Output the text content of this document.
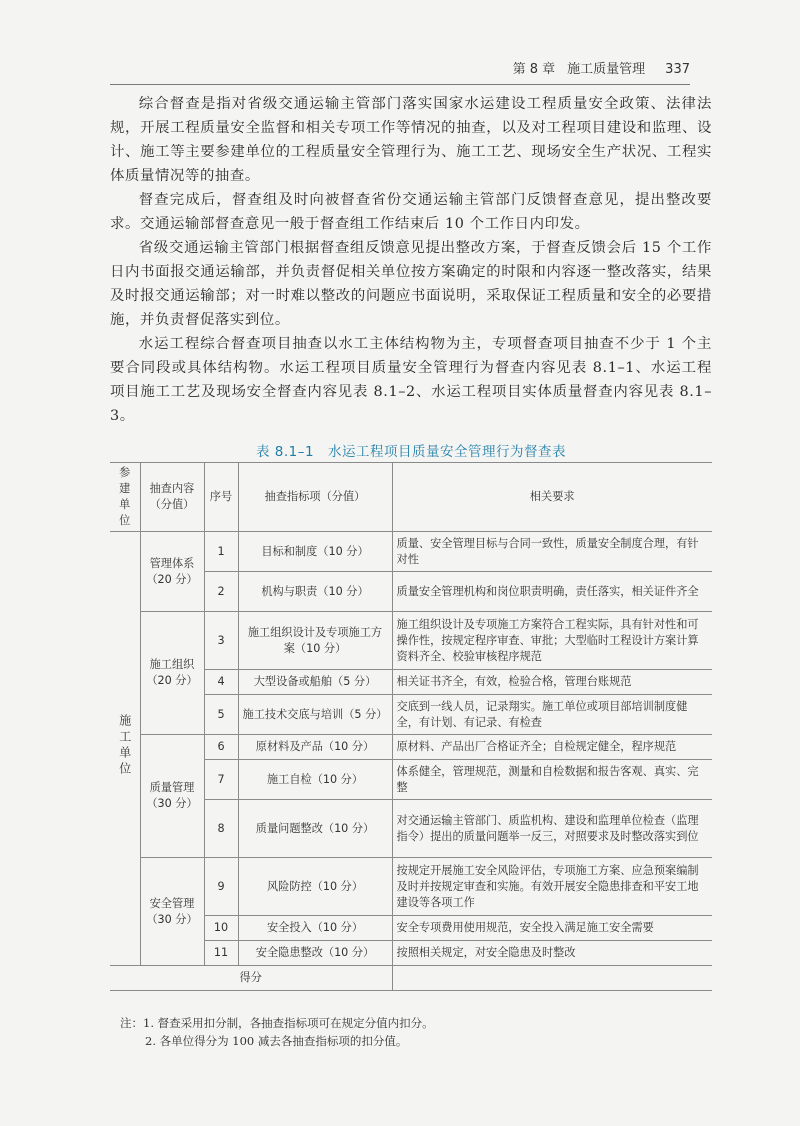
第 8 章 施工质量管理 337

综合督查是指对省级交通运输主管部门落实国家水运建设工程质量安全政策、法律法规，开展工程质量安全监督和相关专项工作等情况的抽查，以及对工程项目建设和监理、设计、施工等主要参建单位的工程质量安全管理行为、施工工艺、现场安全生产状况、工程实体质量情况等的抽查。

督查完成后，督查组及时向被督查省份交通运输主管部门反馈督查意见，提出整改要求。交通运输部督查意见一般于督查组工作结束后 10 个工作日内印发。

省级交通运输主管部门根据督查组反馈意见提出整改方案，于督查反馈会后 15 个工作日内书面报交通运输部，并负责督促相关单位按方案确定的时限和内容逐一整改落实，结果及时报交通运输部；对一时难以整改的问题应书面说明，采取保证工程质量和安全的必要措施，并负责督促落实到位。

水运工程综合督查项目抽查以水工主体结构物为主，专项督查项目抽查不少于 1 个主要合同段或具体结构物。水运工程项目质量安全管理行为督查内容见表 8.1–1、水运工程项目施工工艺及现场安全督查内容见表 8.1–2、水运工程项目实体质量督查内容见表 8.1–3。

表 8.1–1　水运工程项目质量安全管理行为督查表
参建单位	抽查内容（分值）	序号	抽查指标项（分值）	相关要求
施工单位	管理体系（20 分）	1	目标和制度（10 分）	质量、安全管理目标与合同一致性，质量安全制度合理，有针对性
		2	机构与职责（10 分）	质量安全管理机构和岗位职责明确，责任落实，相关证件齐全
	施工组织（20 分）	3	施工组织设计及专项施工方案（10 分）	施工组织设计及专项施工方案符合工程实际，具有针对性和可操作性，按规定程序审查、审批；大型临时工程设计方案计算资料齐全、校验审核程序规范
		4	大型设备或船舶（5 分）	相关证书齐全，有效，检验合格，管理台账规范
		5	施工技术交底与培训（5 分）	交底到一线人员，记录翔实。施工单位或项目部培训制度健全，有计划、有记录、有检查
	质量管理（30 分）	6	原材料及产品（10 分）	原材料、产品出厂合格证齐全；自检规定健全，程序规范
		7	施工自检（10 分）	体系健全，管理规范，测量和自检数据和报告客观、真实、完整
		8	质量问题整改（10 分）	对交通运输主管部门、质监机构、建设和监理单位检查（监理指令）提出的质量问题举一反三，对照要求及时整改落实到位
	安全管理（30 分）	9	风险防控（10 分）	按规定开展施工安全风险评估，专项施工方案、应急预案编制及时并按规定审查和实施。有效开展安全隐患排查和平安工地建设等各项工作
		10	安全投入（10 分）	安全专项费用使用规范，安全投入满足施工安全需要
		11	安全隐患整改（10 分）	按照相关规定，对安全隐患及时整改
得分				
注：1. 督查采用扣分制，各抽查指标项可在规定分值内扣分。
2. 各单位得分为 100 减去各抽查指标项的扣分值。
